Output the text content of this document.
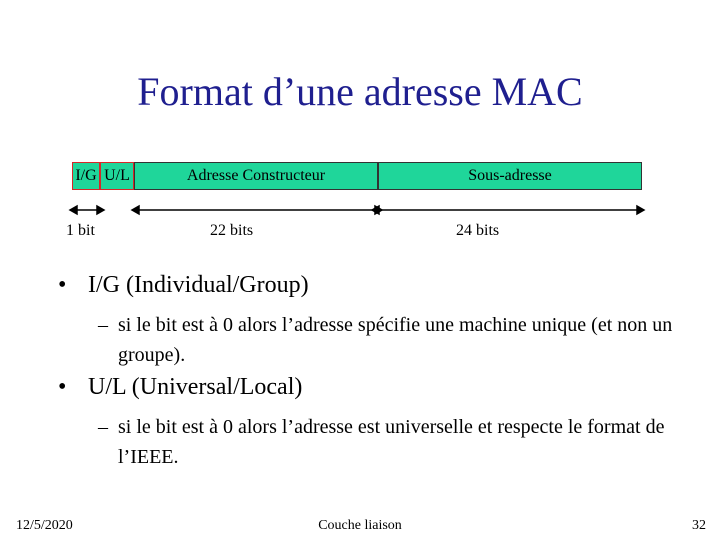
Format d’une adresse MAC
I/G U/L	Adresse Constructeur	Sous-adresse
1 bit	22 bits	24 bits
• I/G (Individual/Group)
– si le bit est à 0 alors l’adresse spécifie une machine unique (et non un groupe).
• U/L (Universal/Local)
– si le bit est à 0 alors l’adresse est universelle et respecte le format de l’IEEE.
12/5/2020	Couche liaison	32
